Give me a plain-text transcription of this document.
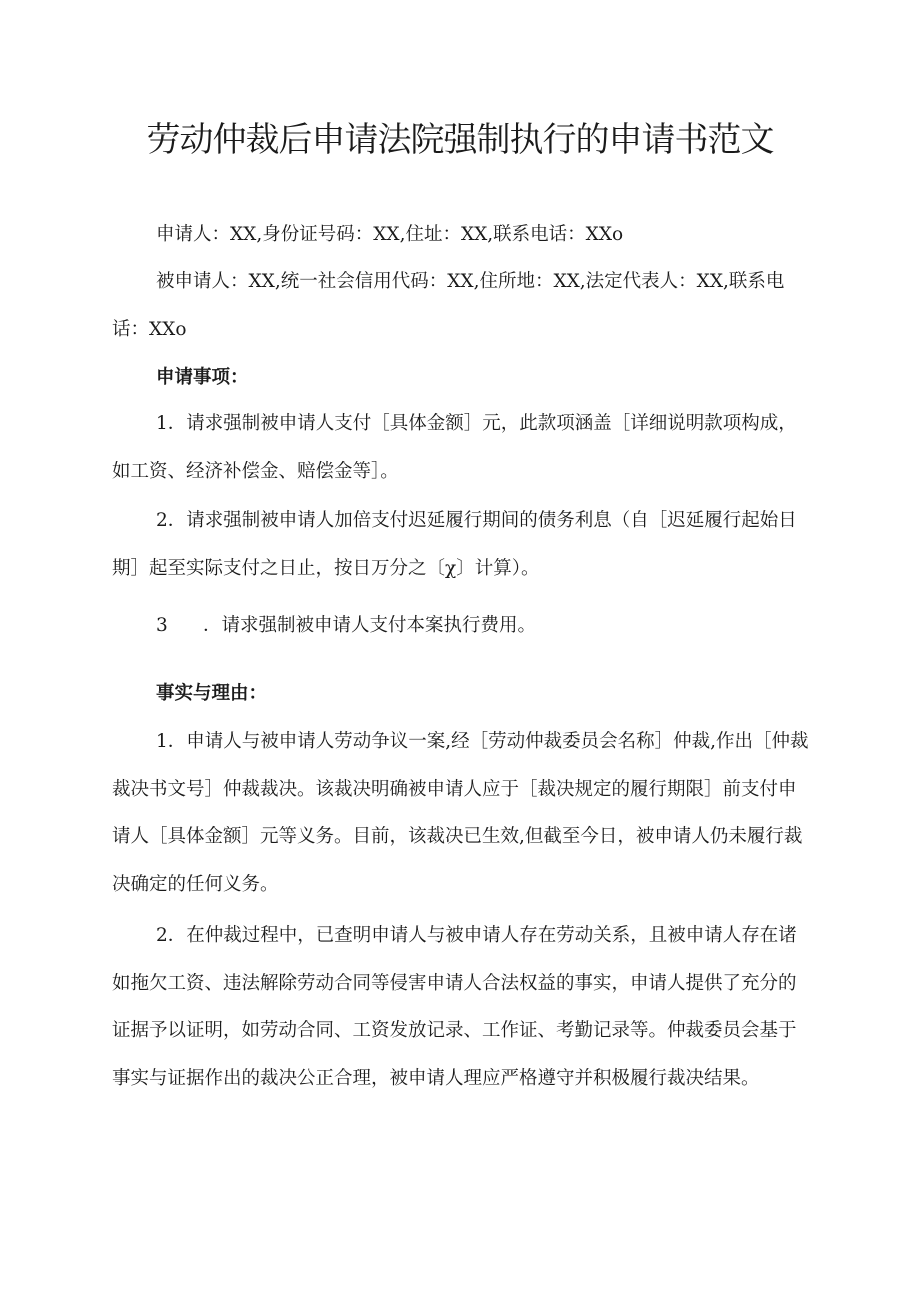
劳动仲裁后申请法院强制执行的申请书范文

申请人：XX,身份证号码：XX,住址：XX,联系电话：XXo

被申请人：XX,统一社会信用代码：XX,住所地：XX,法定代表人：XX,联系电话：XXo

申请事项：

1．请求强制被申请人支付［具体金额］元，此款项涵盖［详细说明款项构成，如工资、经济补偿金、赔偿金等］。

2．请求强制被申请人加倍支付迟延履行期间的债务利息（自［迟延履行起始日期］起至实际支付之日止，按日万分之〔χ〕计算）。

3      ．请求强制被申请人支付本案执行费用。

事实与理由：

1．申请人与被申请人劳动争议一案,经［劳动仲裁委员会名称］仲裁,作出［仲裁裁决书文号］仲裁裁决。该裁决明确被申请人应于［裁决规定的履行期限］前支付申请人［具体金额］元等义务。目前，该裁决已生效,但截至今日，被申请人仍未履行裁决确定的任何义务。

2．在仲裁过程中，已查明申请人与被申请人存在劳动关系，且被申请人存在诸如拖欠工资、违法解除劳动合同等侵害申请人合法权益的事实，申请人提供了充分的证据予以证明，如劳动合同、工资发放记录、工作证、考勤记录等。仲裁委员会基于事实与证据作出的裁决公正合理，被申请人理应严格遵守并积极履行裁决结果。
